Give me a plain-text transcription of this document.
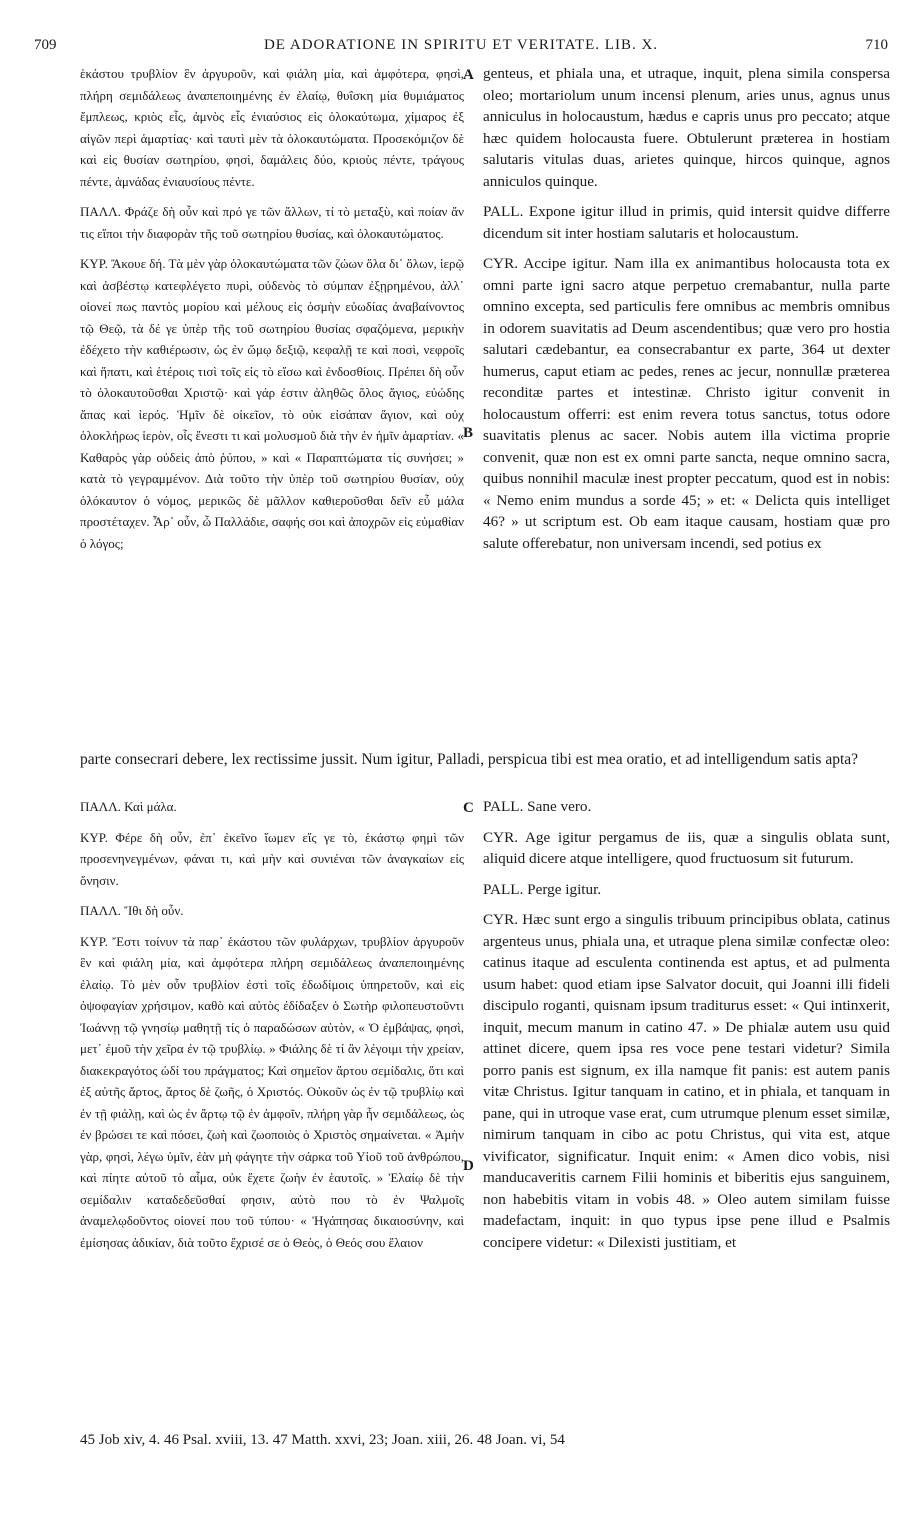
709	DE ADORATIONE IN SPIRITU ET VERITATE. LIB. X.	710

ἑκάστου τρυβλίον ἓν ἀργυροῦν, καὶ φιάλη μία, καὶ ἀμφότερα, φησὶ, πλήρη σεμιδάλεως ἀναπεποιημένης ἐν ἐλαίῳ, θυΐσκη μία θυμιάματος ἔμπλεως, κριὸς εἷς, ἀμνὸς εἷς ἐνιαύσιος εἰς ὁλοκαύτωμα, χίμαρος ἐξ αἰγῶν περὶ ἁμαρτίας· καὶ ταυτὶ μὲν τὰ ὁλοκαυτώματα. Προσεκόμιζον δὲ καὶ εἰς θυσίαν σωτηρίου, φησὶ, δαμάλεις δύο, κριοὺς πέντε, τράγους πέντε, ἀμνάδας ἐνιαυσίους πέντε.

ΠΑΛΛ. Φράζε δὴ οὖν καὶ πρό γε τῶν ἄλλων, τί τὸ μεταξὺ, καὶ ποίαν ἄν τις εἴποι τὴν διαφορὰν τῆς τοῦ σωτηρίου θυσίας, καὶ ὁλοκαυτώματος.

ΚΥΡ. Ἄκουε δή. Τὰ μὲν γὰρ ὁλοκαυτώματα τῶν ζώων ὅλα δι᾽ ὅλων, ἱερῷ καὶ ἀσβέστῳ κατεφλέγετο πυρὶ, οὐδενὸς τὸ σύμπαν ἐξῃρημένου, ἀλλ᾽ οἱονεί πως παντὸς μορίου καὶ μέλους εἰς ὀσμὴν εὐωδίας ἀναβαίνοντος τῷ Θεῷ, τὰ δέ γε ὑπὲρ τῆς τοῦ σωτηρίου θυσίας σφαζόμενα, μερικὴν ἐδέχετο τὴν καθιέρωσιν, ὡς ἐν ὤμῳ δεξιῷ, κεφαλῇ τε καὶ ποσὶ, νεφροῖς καὶ ἥπατι, καὶ ἑτέροις τισὶ τοῖς εἰς τὸ εἴσω καὶ ἐνδοσθίοις. Πρέπει δὴ οὖν τὸ ὁλοκαυτοῦσθαι Χριστῷ· καὶ γάρ ἐστιν ἀληθῶς ὅλος ἅγιος, εὐώδης ἅπας καὶ ἱερός. Ἡμῖν δὲ οἰκεῖον, τὸ οὐκ εἰσάπαν ἅγιον, καὶ οὐχ ὁλοκλήρως ἱερὸν, οἷς ἔνεστι τι καὶ μολυσμοῦ διὰ τὴν ἐν ἡμῖν ἁμαρτίαν. « Καθαρὸς γὰρ οὐδεὶς ἀπὸ ῥύπου, » καὶ « Παραπτώματα τίς συνήσει; » κατὰ τὸ γεγραμμένον. Διὰ τοῦτο τὴν ὑπὲρ τοῦ σωτηρίου θυσίαν, οὐχ ὁλόκαυτον ὁ νόμος, μερικῶς δὲ μᾶλλον καθιεροῦσθαι δεῖν εὖ μάλα προστέταχεν. Ἆρ᾽ οὖν, ὦ Παλλάδιε, σαφής σοι καὶ ἀποχρῶν εἰς εὐμαθίαν ὁ λόγος;

genteus, et phiala una, et utraque, inquit, plena simila conspersa oleo; mortariolum unum incensi plenum, aries unus, agnus unus anniculus in holocaustum, hædus e capris unus pro peccato; atque hæc quidem holocausta fuere. Obtulerunt præterea in hostiam salutaris vitulas duas, arietes quinque, hircos quinque, agnos anniculos quinque.

PALL. Expone igitur illud in primis, quid intersit quidve differre dicendum sit inter hostiam salutaris et holocaustum.

CYR. Accipe igitur. Nam illa ex animantibus holocausta tota ex omni parte igni sacro atque perpetuo cremabantur, nulla parte omnino excepta, sed particulis fere omnibus ac membris omnibus in odorem suavitatis ad Deum ascendentibus; quæ vero pro hostia salutari cædebantur, ea consecrabantur ex parte, 364 ut dexter humerus, caput etiam ac pedes, renes ac jecur, nonnullæ præterea reconditæ partes et intestinæ. Christo igitur convenit in holocaustum offerri: est enim revera totus sanctus, totus odore suavitatis plenus ac sacer. Nobis autem illa victima proprie convenit, quæ non est ex omni parte sancta, neque omnino sacra, quibus nonnihil maculæ inest propter peccatum, quod est in nobis: « Nemo enim mundus a sorde 45; » et: « Delicta quis intelliget 46? » ut scriptum est. Ob eam itaque causam, hostiam quæ pro salute offerebatur, non universam incendi, sed potius ex

A
B
C
D
parte consecrari debere, lex rectissime jussit. Num igitur, Palladi, perspicua tibi est mea oratio, et ad intelligendum satis apta?

ΠΑΛΛ. Καὶ μάλα.

ΚΥΡ. Φέρε δὴ οὖν, ἐπ᾽ ἐκεῖνο ἴωμεν εἴς γε τὸ, ἑκάστῳ φημὶ τῶν προσενηνεγμένων, φάναι τι, καὶ μὴν καὶ συνιέναι τῶν ἀναγκαίων εἰς ὄνησιν.

ΠΑΛΛ. Ἴθι δὴ οὖν.

ΚΥΡ. Ἔστι τοίνυν τὰ παρ᾽ ἑκάστου τῶν φυλάρχων, τρυβλίον ἀργυροῦν ἓν καὶ φιάλη μία, καὶ ἀμφότερα πλήρη σεμιδάλεως ἀναπεποιημένης ἐλαίῳ. Τὸ μὲν οὖν τρυβλίον ἐστὶ τοῖς ἐδωδίμοις ὑπηρετοῦν, καὶ εἰς ὀψοφαγίαν χρήσιμον, καθὸ καὶ αὐτὸς ἐδίδαξεν ὁ Σωτὴρ φιλοπευστοῦντι Ἰωάννῃ τῷ γνησίῳ μαθητῇ τίς ὁ παραδώσων αὐτὸν, « Ὁ ἐμβάψας, φησὶ, μετ᾽ ἐμοῦ τὴν χεῖρα ἐν τῷ τρυβλίῳ. » Φιάλης δὲ τί ἂν λέγοιμι τὴν χρείαν, διακεκραγότος ὡδί του πράγματος; Καὶ σημεῖον ἄρτου σεμίδαλις, ὅτι καὶ ἐξ αὐτῆς ἄρτος, ἄρτος δὲ ζωῆς, ὁ Χριστός. Οὐκοῦν ὡς ἐν τῷ τρυβλίῳ καὶ ἐν τῇ φιάλῃ, καὶ ὡς ἐν ἄρτῳ τῷ ἐν ἀμφοῖν, πλήρη γὰρ ἦν σεμιδάλεως, ὡς ἐν βρώσει τε καὶ πόσει, ζωὴ καὶ ζωοποιὸς ὁ Χριστὸς σημαίνεται. « Ἀμὴν γὰρ, φησὶ, λέγω ὑμῖν, ἐὰν μὴ φάγητε τὴν σάρκα τοῦ Υἱοῦ τοῦ ἀνθρώπου, καὶ πίητε αὐτοῦ τὸ αἷμα, οὐκ ἔχετε ζωὴν ἐν ἑαυτοῖς. » Ἐλαίῳ δὲ τὴν σεμίδαλιν καταδεδεῦσθαί φησιν, αὐτὸ που τὸ ἐν Ψαλμοῖς ἀναμελῳδοῦντος οἱονεί που τοῦ τύπου· « Ἠγάπησας δικαιοσύνην, καὶ ἐμίσησας ἀδικίαν, διὰ τοῦτο ἔχρισέ σε ὁ Θεὸς, ὁ Θεός σου ἔλαιον

PALL. Sane vero.

CYR. Age igitur pergamus de iis, quæ a singulis oblata sunt, aliquid dicere atque intelligere, quod fructuosum sit futurum.

PALL. Perge igitur.

CYR. Hæc sunt ergo a singulis tribuum principibus oblata, catinus argenteus unus, phiala una, et utraque plena similæ confectæ oleo: catinus itaque ad esculenta continenda est aptus, et ad pulmenta usum habet: quod etiam ipse Salvator docuit, qui Joanni illi fideli discipulo roganti, quisnam ipsum traditurus esset: « Qui intinxerit, inquit, mecum manum in catino 47. » De phialæ autem usu quid attinet dicere, quem ipsa res voce pene testari videtur? Simila porro panis est signum, ex illa namque fit panis: est autem panis vitæ Christus. Igitur tanquam in catino, et in phiala, et tanquam in pane, qui in utroque vase erat, cum utrumque plenum esset similæ, nimirum tanquam in cibo ac potu Christus, qui vita est, atque vivificator, significatur. Inquit enim: « Amen dico vobis, nisi manducaveritis carnem Filii hominis et biberitis ejus sanguinem, non habebitis vitam in vobis 48. » Oleo autem similam fuisse madefactam, inquit: in quo typus ipse pene illud e Psalmis concipere videtur: « Dilexisti justitiam, et

45 Job xiv, 4. 46 Psal. xviii, 13. 47 Matth. xxvi, 23; Joan. xiii, 26. 48 Joan. vi, 54
